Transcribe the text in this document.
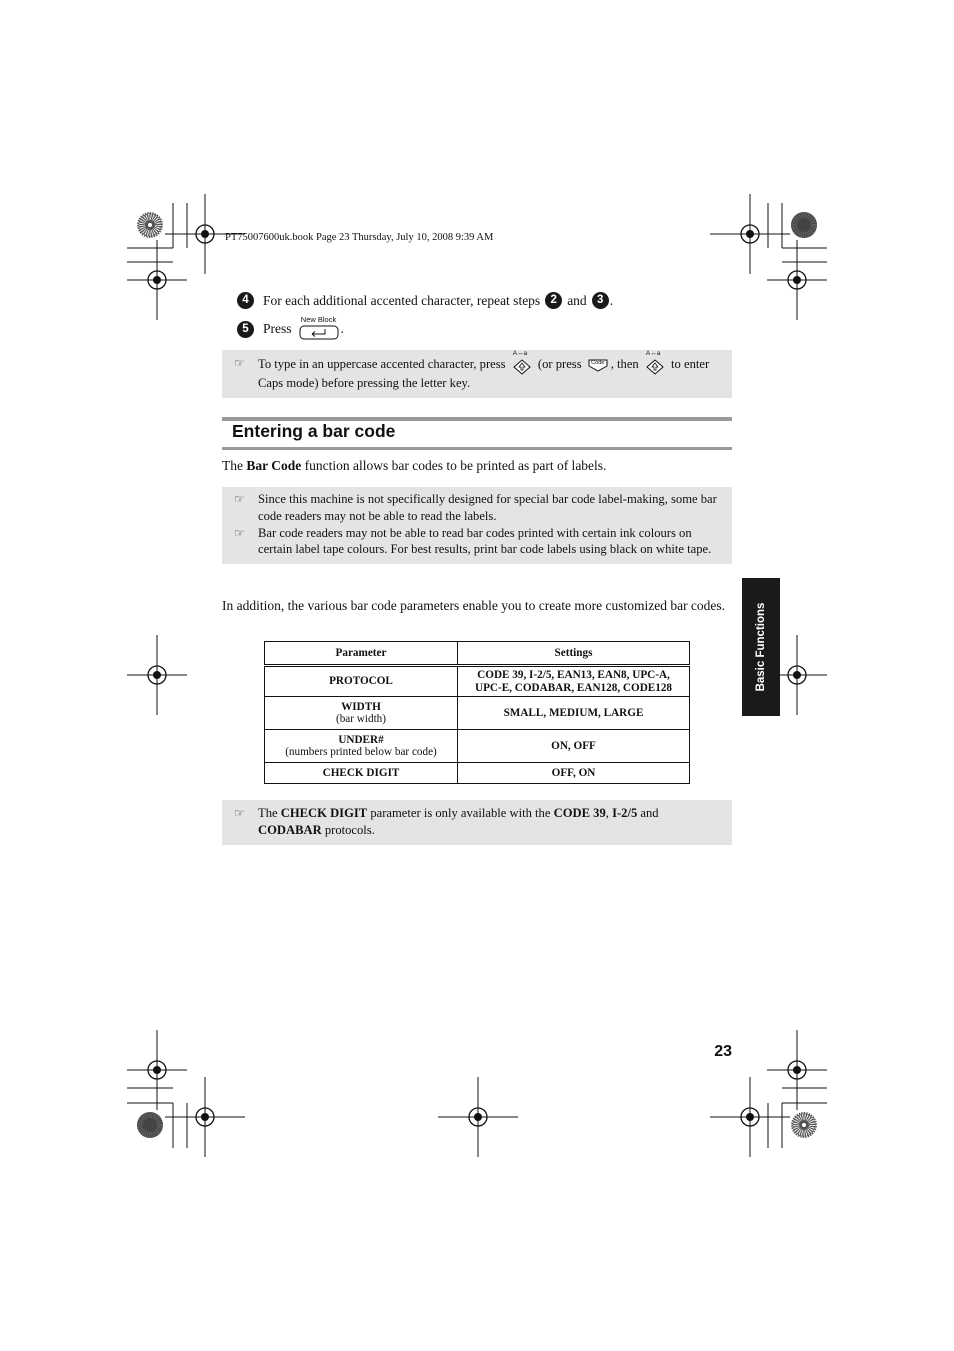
PT75007600uk.book Page 23 Thursday, July 10, 2008 9:39 AM
4	For each additional accented character, repeat steps 2 and 3 .
5	Press
New Block
.
☞	To type in an uppercase accented character, press
A↔a
(or press	Code , then
A↔a
to enter Caps mode) before pressing the letter key.
Entering a bar code
The Bar Code function allows bar codes to be printed as part of labels.
☞	Since this machine is not specifically designed for special bar code label-making, some bar code readers may not be able to read the labels.
☞	Bar code readers may not be able to read bar codes printed with certain ink colours on certain label tape colours. For best results, print bar code labels using black on white tape.
In addition, the various bar code parameters enable you to create more customized bar codes.
Parameter	Settings
PROTOCOL	CODE 39, I-2/5, EAN13, EAN8, UPC-A,
UPC-E, CODABAR, EAN128, CODE128
WIDTH
(bar width)	SMALL, MEDIUM, LARGE
UNDER#
(numbers printed below bar code)	ON, OFF
CHECK DIGIT	OFF, ON
☞	The CHECK DIGIT parameter is only available with the CODE 39, I-2/5 and CODABAR protocols.
Basic Functions
23
